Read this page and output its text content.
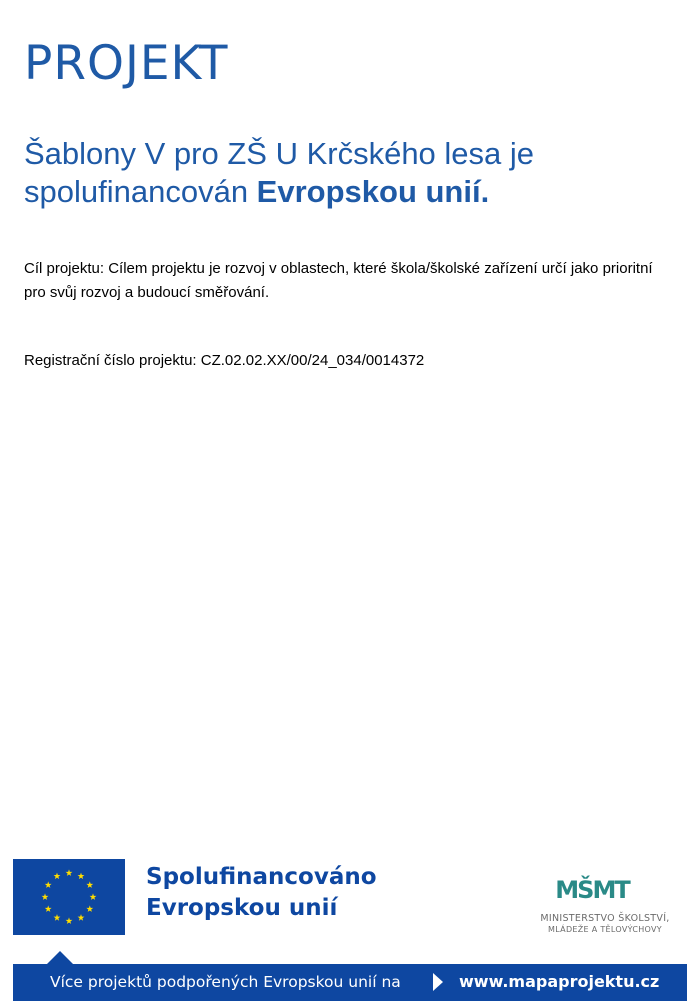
PROJEKT
Šablony V pro ZŠ U Krčského lesa je spolufinancován Evropskou unií.

Cíl projektu: Cílem projektu je rozvoj v oblastech, které škola/školské zařízení určí jako prioritní pro svůj rozvoj a budoucí směřování.

Registrační číslo projektu: CZ.02.02.XX/00/24_034/0014372

Spolufinancováno
Evropskou unií
MŠMT
MINISTERSTVO ŠKOLSTVÍ,
MLÁDEŽE A TĚLOVÝCHOVY
Více projektů podpořených Evropskou unií na	www.mapaprojektu.cz
